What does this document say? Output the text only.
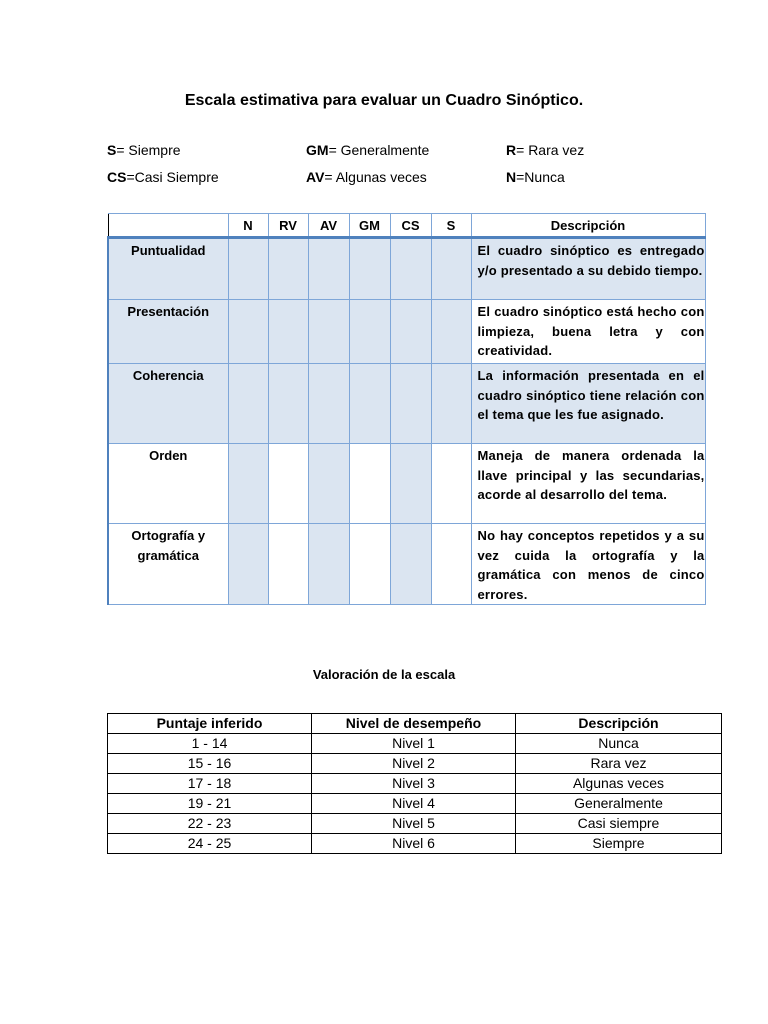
Escala estimativa para evaluar un Cuadro Sinóptico.
S= Siempre	GM= Generalmente	R= Rara vez
CS=Casi Siempre	AV= Algunas veces	N=Nunca
	N	RV	AV	GM	CS	S	Descripción
Puntualidad							El cuadro sinóptico es entregado y/o presentado a su debido tiempo.
Presentación							El cuadro sinóptico está hecho con limpieza, buena letra y con creatividad.
Coherencia							La información presentada en el cuadro sinóptico tiene relación con el tema que les fue asignado.
Orden							Maneja de manera ordenada la llave principal y las secundarias, acorde al desarrollo del tema.
Ortografía y gramática							No hay conceptos repetidos y a su vez cuida la ortografía y la gramática con menos de cinco errores.
Valoración de la escala
Puntaje inferido	Nivel de desempeño	Descripción
1 - 14	Nivel 1	Nunca
15 - 16	Nivel 2	Rara vez
17 - 18	Nivel 3	Algunas veces
19 - 21	Nivel 4	Generalmente
22 - 23	Nivel 5	Casi siempre
24 - 25	Nivel 6	Siempre
